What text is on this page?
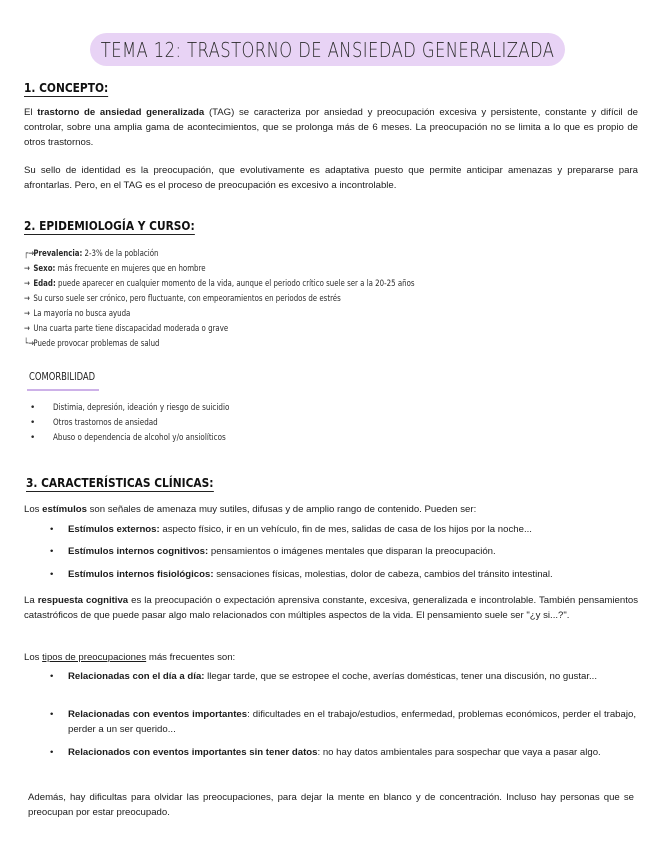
TEMA 12: TRASTORNO DE ANSIEDAD GENERALIZADA
1. CONCEPTO:
El trastorno de ansiedad generalizada (TAG) se caracteriza por ansiedad y preocupación excesiva y persistente, constante y difícil de controlar, sobre una amplia gama de acontecimientos, que se prolonga más de 6 meses. La preocupación no se limita a lo que es propio de otros trastornos.
Su sello de identidad es la preocupación, que evolutivamente es adaptativa puesto que permite anticipar amenazas y prepararse para afrontarlas. Pero, en el TAG es el proceso de preocupación es excesivo a incontrolable.
2. EPIDEMIOLOGÍA Y CURSO:
┌→Prevalencia: 2-3% de la población
→ Sexo: más frecuente en mujeres que en hombre
→ Edad: puede aparecer en cualquier momento de la vida, aunque el periodo crítico suele ser a la 20-25 años
→ Su curso suele ser crónico, pero fluctuante, con empeoramientos en periodos de estrés
→ La mayoría no busca ayuda
→ Una cuarta parte tiene discapacidad moderada o grave
└→Puede provocar problemas de salud
COMORBILIDAD
• Distimia, depresión, ideación y riesgo de suicidio
• Otros trastornos de ansiedad
• Abuso o dependencia de alcohol y/o ansiolíticos
3. CARACTERÍSTICAS CLÍNICAS:
Los estímulos son señales de amenaza muy sutiles, difusas y de amplio rango de contenido. Pueden ser:
• Estímulos externos: aspecto físico, ir en un vehículo, fin de mes, salidas de casa de los hijos por la noche...
• Estímulos internos cognitivos: pensamientos o imágenes mentales que disparan la preocupación.
• Estímulos internos fisiológicos: sensaciones físicas, molestias, dolor de cabeza, cambios del tránsito intestinal.
La respuesta cognitiva es la preocupación o expectación aprensiva constante, excesiva, generalizada e incontrolable. También pensamientos catastróficos de que puede pasar algo malo relacionados con múltiples aspectos de la vida. El pensamiento suele ser "¿y si...?".
Los tipos de preocupaciones más frecuentes son:
• Relacionadas con el día a día: llegar tarde, que se estropee el coche, averías domésticas, tener una discusión, no gustar...
• Relacionadas con eventos importantes: dificultades en el trabajo/estudios, enfermedad, problemas económicos, perder el trabajo, perder a un ser querido...
• Relacionados con eventos importantes sin tener datos: no hay datos ambientales para sospechar que vaya a pasar algo.
Además, hay dificultas para olvidar las preocupaciones, para dejar la mente en blanco y de concentración. Incluso hay personas que se preocupan por estar preocupado.
